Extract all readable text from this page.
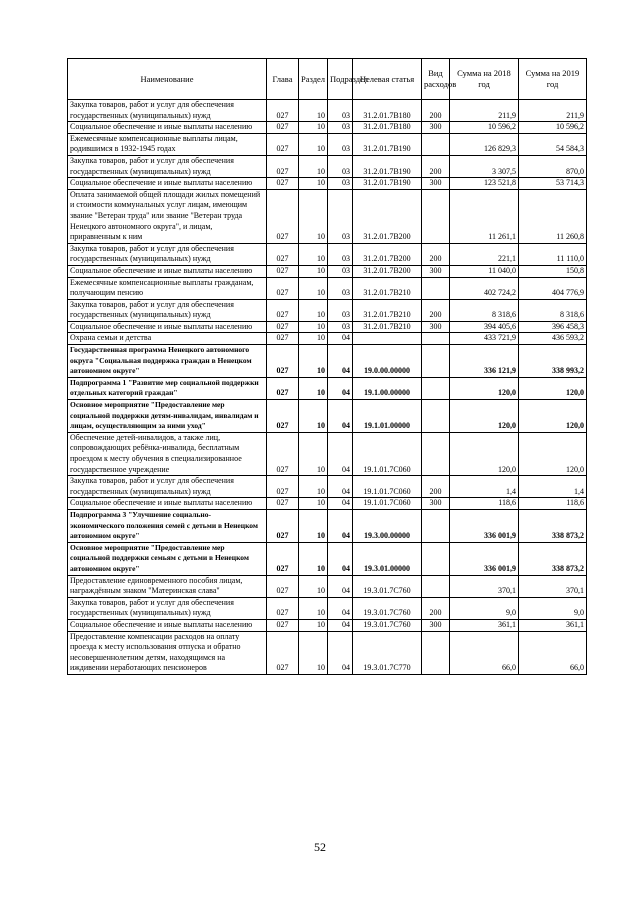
Наименование	Глава	Раздел	Подраздел	Целевая статья	Вид расходов	Сумма на 2018 год	Сумма на 2019 год
Закупка товаров, работ и услуг для обеспечения государственных (муниципальных) нужд	027	10	03	31.2.01.7В180	200	211,9	211,9
Социальное обеспечение и иные выплаты населению	027	10	03	31.2.01.7В180	300	10 596,2	10 596,2
Ежемесячные компенсационные выплаты лицам, родившимся в 1932-1945 годах	027	10	03	31.2.01.7В190		126 829,3	54 584,3
Закупка товаров, работ и услуг для обеспечения государственных (муниципальных) нужд	027	10	03	31.2.01.7В190	200	3 307,5	870,0
Социальное обеспечение и иные выплаты населению	027	10	03	31.2.01.7В190	300	123 521,8	53 714,3
Оплата занимаемой общей площади жилых помещений и стоимости коммунальных услуг лицам, имеющим звание "Ветеран труда" или звание "Ветеран труда Ненецкого автономного округа", и лицам, приравненным к ним	027	10	03	31.2.01.7В200		11 261,1	11 260,8
Закупка товаров, работ и услуг для обеспечения государственных (муниципальных) нужд	027	10	03	31.2.01.7В200	200	221,1	11 110,0
Социальное обеспечение и иные выплаты населению	027	10	03	31.2.01.7В200	300	11 040,0	150,8
Ежемесячные компенсационные выплаты гражданам, получающим пенсию	027	10	03	31.2.01.7В210		402 724,2	404 776,9
Закупка товаров, работ и услуг для обеспечения государственных (муниципальных) нужд	027	10	03	31.2.01.7В210	200	8 318,6	8 318,6
Социальное обеспечение и иные выплаты населению	027	10	03	31.2.01.7В210	300	394 405,6	396 458,3
Охрана семьи и детства	027	10	04			433 721,9	436 593,2
Государственная программа Ненецкого автономного округа "Социальная поддержка граждан в Ненецком автономном округе"	027	10	04	19.0.00.00000		336 121,9	338 993,2
Подпрограмма 1 "Развитие мер социальной поддержки отдельных категорий граждан"	027	10	04	19.1.00.00000		120,0	120,0
Основное мероприятие "Предоставление мер социальной поддержки детям-инвалидам, инвалидам и лицам, осуществляющим за ними уход"	027	10	04	19.1.01.00000		120,0	120,0
Обеспечение детей-инвалидов, а также лиц, сопровождающих ребёнка-инвалида, бесплатным проездом к месту обучения в специализированное государственное учреждение	027	10	04	19.1.01.7С060		120,0	120,0
Закупка товаров, работ и услуг для обеспечения государственных (муниципальных) нужд	027	10	04	19.1.01.7С060	200	1,4	1,4
Социальное обеспечение и иные выплаты населению	027	10	04	19.1.01.7С060	300	118,6	118,6
Подпрограмма 3 "Улучшение социально-экономического положения семей с детьми в Ненецком автономном округе"	027	10	04	19.3.00.00000		336 001,9	338 873,2
Основное мероприятие "Предоставление мер социальной поддержки семьям с детьми в Ненецком автономном округе"	027	10	04	19.3.01.00000		336 001,9	338 873,2
Предоставление единовременного пособия лицам, награждённым знаком "Материнская слава"	027	10	04	19.3.01.7С760		370,1	370,1
Закупка товаров, работ и услуг для обеспечения государственных (муниципальных) нужд	027	10	04	19.3.01.7С760	200	9,0	9,0
Социальное обеспечение и иные выплаты населению	027	10	04	19.3.01.7С760	300	361,1	361,1
Предоставление компенсации расходов на оплату проезда к месту использования отпуска и обратно несовершеннолетним детям, находящимся на иждивении неработающих пенсионеров	027	10	04	19.3.01.7С770		66,0	66,0
52
